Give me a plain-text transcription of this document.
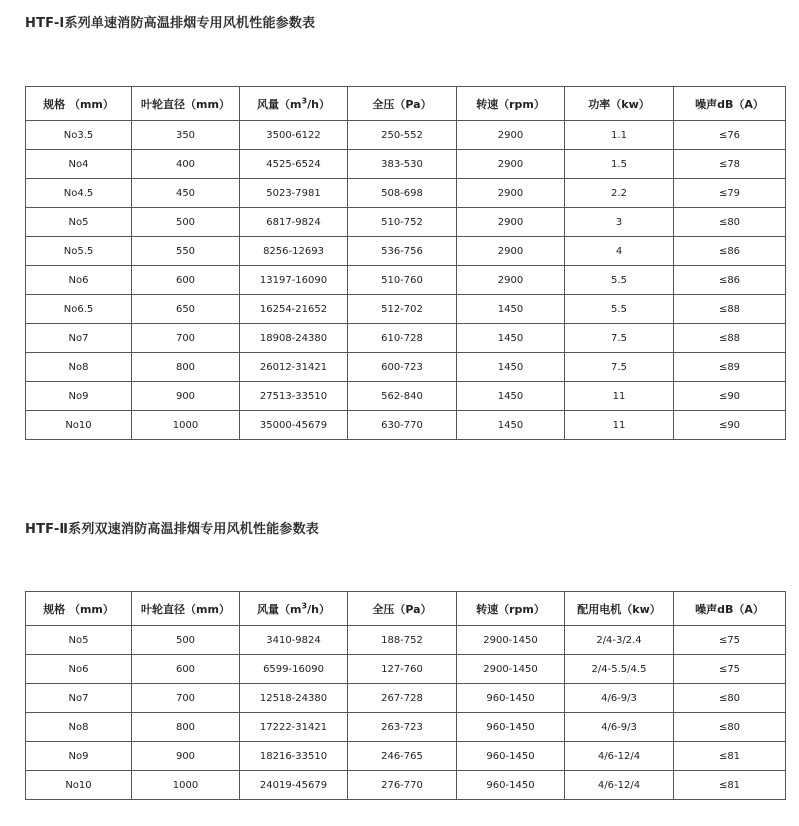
HTF-Ⅰ系列单速消防高温排烟专用风机性能参数表
规格 （mm）	叶轮直径（mm）	风量$(m^3/h)$	全压（Pa）	转速（rpm）	功率（kw）	噪声dB（A）
No3.5	350	3500-6122	250-552	2900	1.1	≤76
No4	400	4525-6524	383-530	2900	1.5	≤78
No4.5	450	5023-7981	508-698	2900	2.2	≤79
No5	500	6817-9824	510-752	2900	3	≤80
No5.5	550	8256-12693	536-756	2900	4	≤86
No6	600	13197-16090	510-760	2900	5.5	≤86
No6.5	650	16254-21652	512-702	1450	5.5	≤88
No7	700	18908-24380	610-728	1450	7.5	≤88
No8	800	26012-31421	600-723	1450	7.5	≤89
No9	900	27513-33510	562-840	1450	11	≤90
No10	1000	35000-45679	630-770	1450	11	≤90
HTF-Ⅱ系列双速消防高温排烟专用风机性能参数表
规格 （mm）	叶轮直径（mm）	风量$(m^3/h)$	全压（Pa）	转速（rpm）	配用电机（kw）	噪声dB（A）
No5	500	3410-9824	188-752	2900-1450	2/4-3/2.4	≤75
No6	600	6599-16090	127-760	2900-1450	2/4-5.5/4.5	≤75
No7	700	12518-24380	267-728	960-1450	4/6-9/3	≤80
No8	800	17222-31421	263-723	960-1450	4/6-9/3	≤80
No9	900	18216-33510	246-765	960-1450	4/6-12/4	≤81
No10	1000	24019-45679	276-770	960-1450	4/6-12/4	≤81
